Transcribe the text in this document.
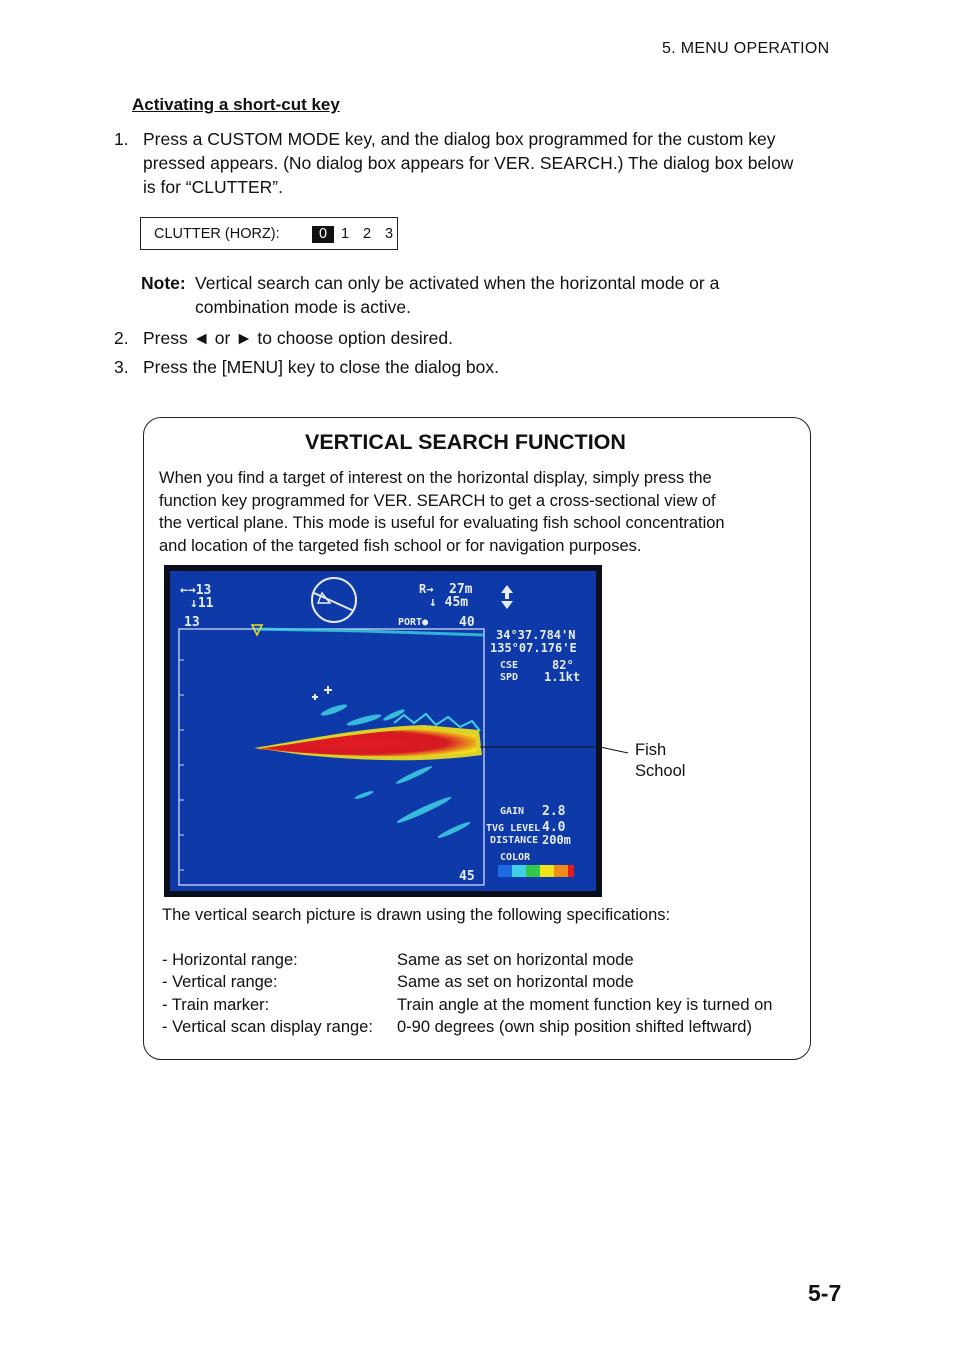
5. MENU OPERATION
Activating a short-cut key
1. Press a CUSTOM MODE key, and the dialog box programmed for the custom key
pressed appears. (No dialog box appears for VER. SEARCH.) The dialog box below
is for “CLUTTER”.
CLUTTER (HORZ):	0 1 2 3
Note: Vertical search can only be activated when the horizontal mode or a
combination mode is active.
2. Press ◄ or ► to choose option desired.
3. Press the [MENU] key to close the dialog box.
VERTICAL SEARCH FUNCTION
When you find a target of interest on the horizontal display, simply press the
function key programmed for VER. SEARCH to get a cross-sectional view of
the vertical plane. This mode is useful for evaluating fish school concentration
and location of the targeted fish school or for navigation purposes.
←→13
↓11
13
R→ 27m
↓ 45m
PORT● 40
34°37.784'N
135°07.176'E
CSE	82°
SPD 1.1kt
GAIN 2.8
TVG LEVEL 4.0
DISTANCE 200m
COLOR
45
Fish
School
The vertical search picture is drawn using the following specifications:
- Horizontal range:	Same as set on horizontal mode
- Vertical range:	Same as set on horizontal mode
- Train marker:	Train angle at the moment function key is turned on
- Vertical scan display range: 0-90 degrees (own ship position shifted leftward)
5-7
